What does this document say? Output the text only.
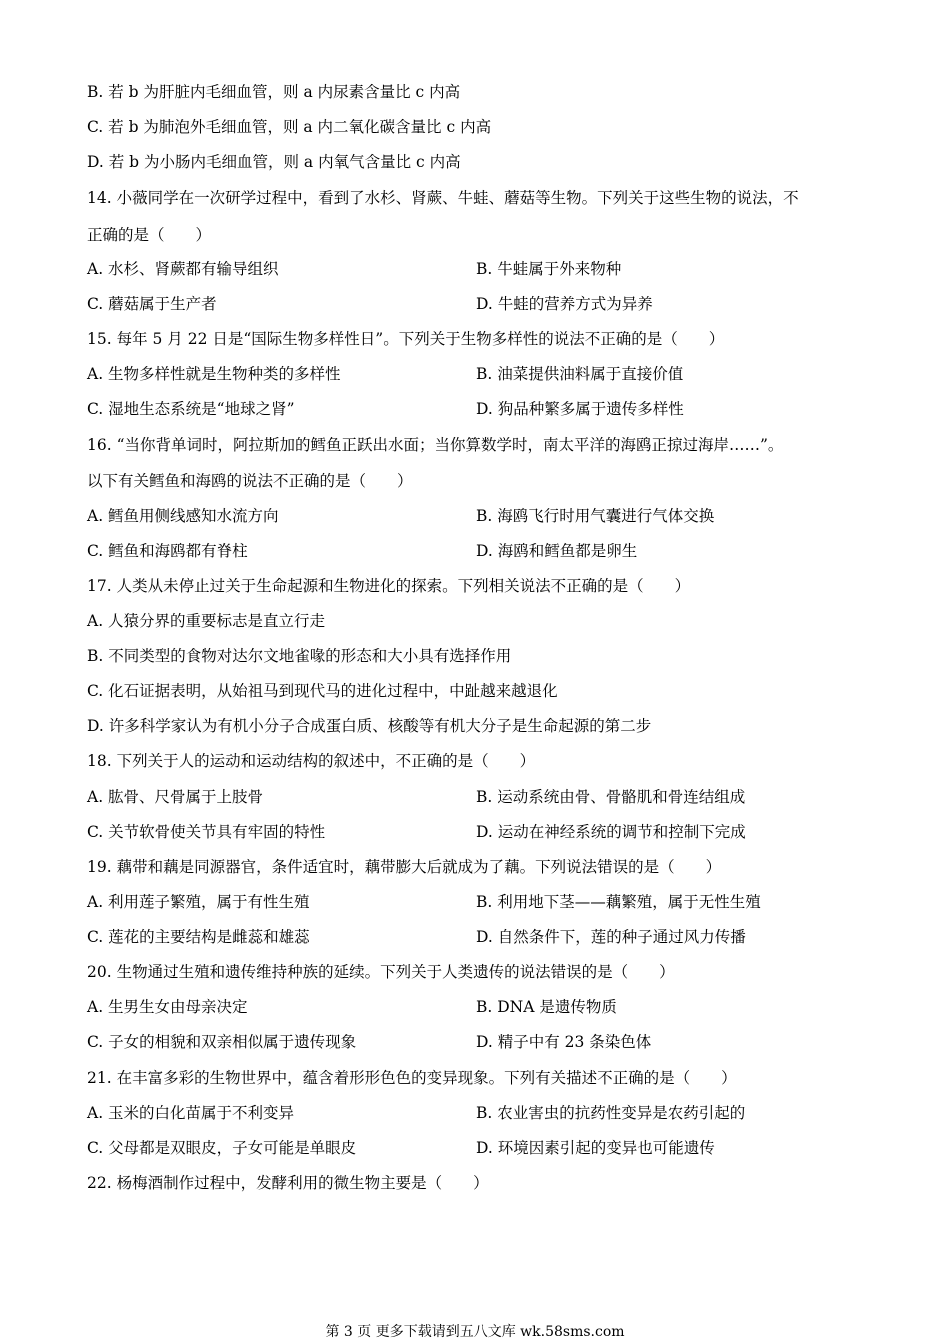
B. 若 b 为肝脏内毛细血管，则 a 内尿素含量比 c 内高
C. 若 b 为肺泡外毛细血管，则 a 内二氧化碳含量比 c 内高
D. 若 b 为小肠内毛细血管，则 a 内氧气含量比 c 内高
14. 小薇同学在一次研学过程中，看到了水杉、肾蕨、牛蛙、蘑菇等生物。下列关于这些生物的说法，不
正确的是（　　）
A. 水杉、肾蕨都有输导组织	B. 牛蛙属于外来物种
C. 蘑菇属于生产者	D. 牛蛙的营养方式为异养
15. 每年 5 月 22 日是“国际生物多样性日”。下列关于生物多样性的说法不正确的是（　　）
A. 生物多样性就是生物种类的多样性	B. 油菜提供油料属于直接价值
C. 湿地生态系统是“地球之肾”	D. 狗品种繁多属于遗传多样性
16. “当你背单词时，阿拉斯加的鳕鱼正跃出水面；当你算数学时，南太平洋的海鸥正掠过海岸……”。
以下有关鳕鱼和海鸥的说法不正确的是（　　）
A. 鳕鱼用侧线感知水流方向	B. 海鸥飞行时用气囊进行气体交换
C. 鳕鱼和海鸥都有脊柱	D. 海鸥和鳕鱼都是卵生
17. 人类从未停止过关于生命起源和生物进化的探索。下列相关说法不正确的是（　　）
A. 人猿分界的重要标志是直立行走
B. 不同类型的食物对达尔文地雀喙的形态和大小具有选择作用
C. 化石证据表明，从始祖马到现代马的进化过程中，中趾越来越退化
D. 许多科学家认为有机小分子合成蛋白质、核酸等有机大分子是生命起源的第二步
18. 下列关于人的运动和运动结构的叙述中，不正确的是（　　）
A. 肱骨、尺骨属于上肢骨	B. 运动系统由骨、骨骼肌和骨连结组成
C. 关节软骨使关节具有牢固的特性	D. 运动在神经系统的调节和控制下完成
19. 藕带和藕是同源器官，条件适宜时，藕带膨大后就成为了藕。下列说法错误的是（　　）
A. 利用莲子繁殖，属于有性生殖	B. 利用地下茎——藕繁殖，属于无性生殖
C. 莲花的主要结构是雌蕊和雄蕊	D. 自然条件下，莲的种子通过风力传播
20. 生物通过生殖和遗传维持种族的延续。下列关于人类遗传的说法错误的是（　　）
A. 生男生女由母亲决定	B. DNA 是遗传物质
C. 子女的相貌和双亲相似属于遗传现象	D. 精子中有 23 条染色体
21. 在丰富多彩的生物世界中，蕴含着形形色色的变异现象。下列有关描述不正确的是（　　）
A. 玉米的白化苗属于不利变异	B. 农业害虫的抗药性变异是农药引起的
C. 父母都是双眼皮，子女可能是单眼皮	D. 环境因素引起的变异也可能遗传
22. 杨梅酒制作过程中，发酵利用的微生物主要是（　　）
第 3 页 更多下载请到五八文库 wk.58sms.com
